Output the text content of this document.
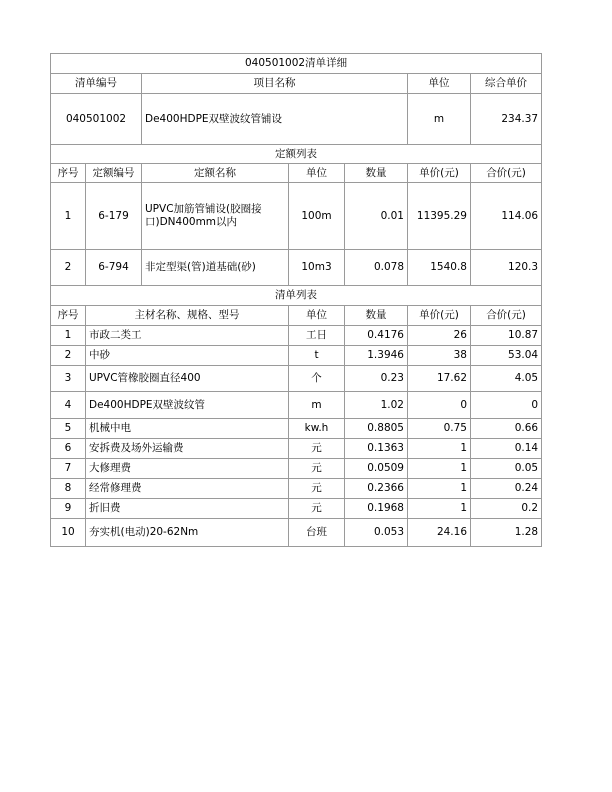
040501002清单详细						
清单编号		项目名称			单位	综合单价
040501002		De400HDPE双壁波纹管铺设			m	234.37
定额列表						
序号	定额编号	定额名称	单位	数量	单价(元)	合价(元)
1	6-179	UPVC加筋管铺设(胶圈接口)DN400mm以内	100m	0.01	11395.29	114.06
2	6-794	非定型渠(管)道基础(砂)	10m3	0.078	1540.8	120.3
清单列表						
序号	主材名称、规格、型号		单位	数量	单价(元)	合价(元)
1	市政二类工		工日	0.4176	26	10.87
2	中砂		t	1.3946	38	53.04
3	UPVC管橡胶圈直径400		个	0.23	17.62	4.05
4	De400HDPE双壁波纹管		m	1.02	0	0
5	机械中电		kw.h	0.8805	0.75	0.66
6	安拆费及场外运输费		元	0.1363	1	0.14
7	大修理费		元	0.0509	1	0.05
8	经常修理费		元	0.2366	1	0.24
9	折旧费		元	0.1968	1	0.2
10	夯实机(电动)20-62Nm		台班	0.053	24.16	1.28
